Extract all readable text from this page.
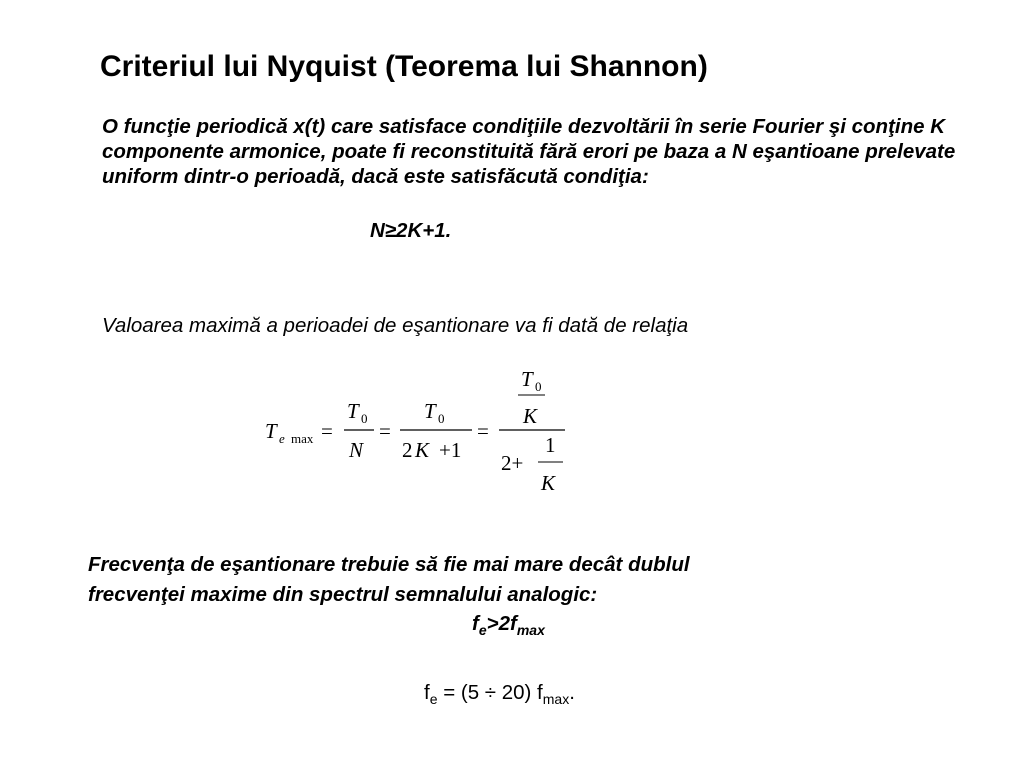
Criteriul lui Nyquist (Teorema lui Shannon)
O funcţie periodică x(t) care satisface condiţiile dezvoltării în serie Fourier şi conţine K componente armonice, poate fi reconstituită fără erori pe baza a N eşantioane prelevate uniform dintr-o perioadă, dacă este satisfăcută condiţia:
N≥2K+1.
Valoarea maximă a perioadei de eşantionare va fi dată de relaţia
T e max =
T 0
N
=
T 0
2 K +1
=
T 0
K
2+
1
K
Frecvenţa de eşantionare trebuie să fie mai mare decât dublul
frecvenţei maxime din spectrul semnalului analogic:
$f_e>2f_{max}$
$f_e = (5 \div 20)$ $f_{max}$.
